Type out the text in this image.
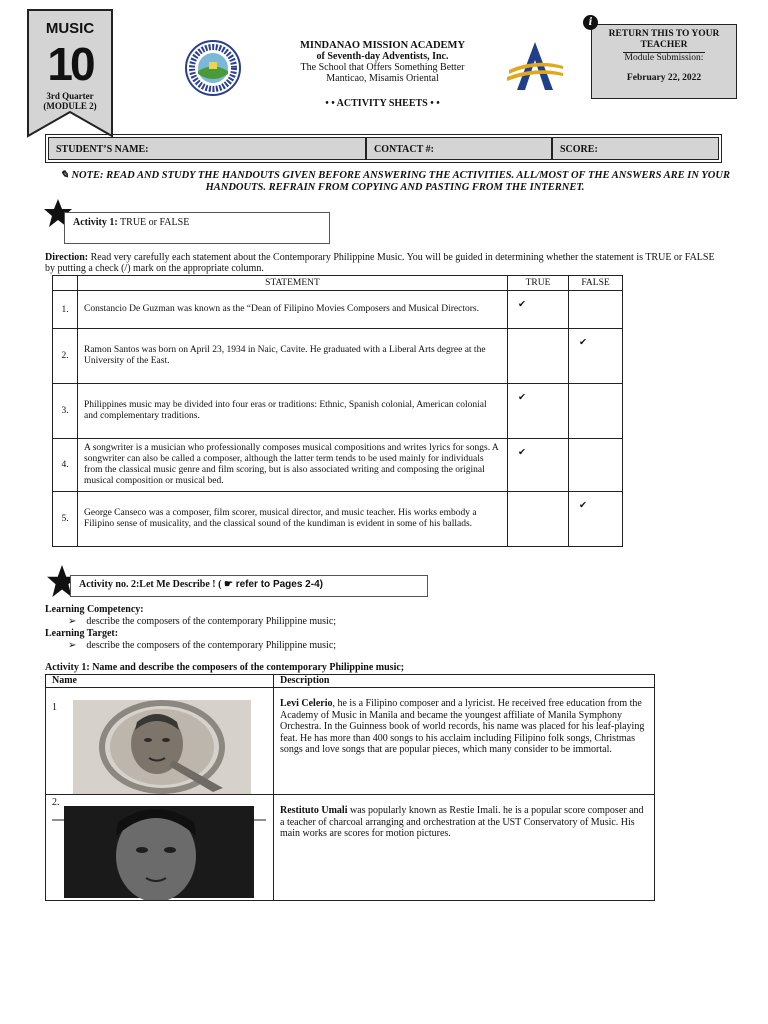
MUSIC
10
3rd Quarter
(MODULE 2)
MINDANAO MISSION ACADEMY
of Seventh-day Adventists, Inc.
The School that Offers Something Better
Manticao, Misamis Oriental
• • ACTIVITY SHEETS • •
RETURN THIS TO YOUR TEACHER
Module Submission:
February 22, 2022
i
STUDENT’S NAME:	CONTACT #:	SCORE:
✎ NOTE: READ AND STUDY THE HANDOUTS GIVEN BEFORE ANSWERING THE ACTIVITIES. ALL/MOST OF THE ANSWERS ARE IN YOUR HANDOUTS. REFRAIN FROM COPYING AND PASTING FROM THE INTERNET.
Activity 1: TRUE or FALSE
Direction: Read very carefully each statement about the Contemporary Philippine Music. You will be guided in determining whether the statement is TRUE or FALSE by putting a check (/) mark on the appropriate column.
	STATEMENT	TRUE	FALSE
1.	Constancio De Guzman was known as the “Dean of Filipino Movies Composers and Musical Directors.	✔	
2.	Ramon Santos was born on April 23, 1934 in Naic, Cavite. He graduated with a Liberal Arts degree at the University of the East.		✔
3.	Philippines music may be divided into four eras or traditions: Ethnic, Spanish colonial, American colonial and complementary traditions.	✔	
4.	A songwriter is a musician who professionally composes musical compositions and writes lyrics for songs. A songwriter can also be called a composer, although the latter term tends to be used mainly for individuals from the classical music genre and film scoring, but is also associated writing and composing the original musical composition or musical bed.	✔	
5.	George Canseco was a composer, film scorer, musical director, and music teacher. His works embody a Filipino sense of musicality, and the classical sound of the kundiman is evident in some of his ballads.		✔
Activity no. 2:Let Me Describe ! ( ☛ refer to Pages 2-4)
Learning Competency:
➢ describe the composers of the contemporary Philippine music;
Learning Target:
➢ describe the composers of the contemporary Philippine music;
Activity 1: Name and describe the composers of the contemporary Philippine music;
Name	Description

1	Levi Celerio, he is a Filipino composer and a lyricist. He received free education from the Academy of Music in Manila and became the youngest affiliate of Manila Symphony Orchestra. In the Guinness book of world records, his name was placed for his leaf-playing feat. He has more than 400 songs to his acclaim including Filipino folk songs, Christmas songs and love songs that are popular pieces, which many consider to be immortal.

2.	Restituto Umali was popularly known as Restie Imali. he is a popular score composer and a teacher of charcoal arranging and orchestration at the UST Conservatory of Music. His main works are scores for motion pictures.
